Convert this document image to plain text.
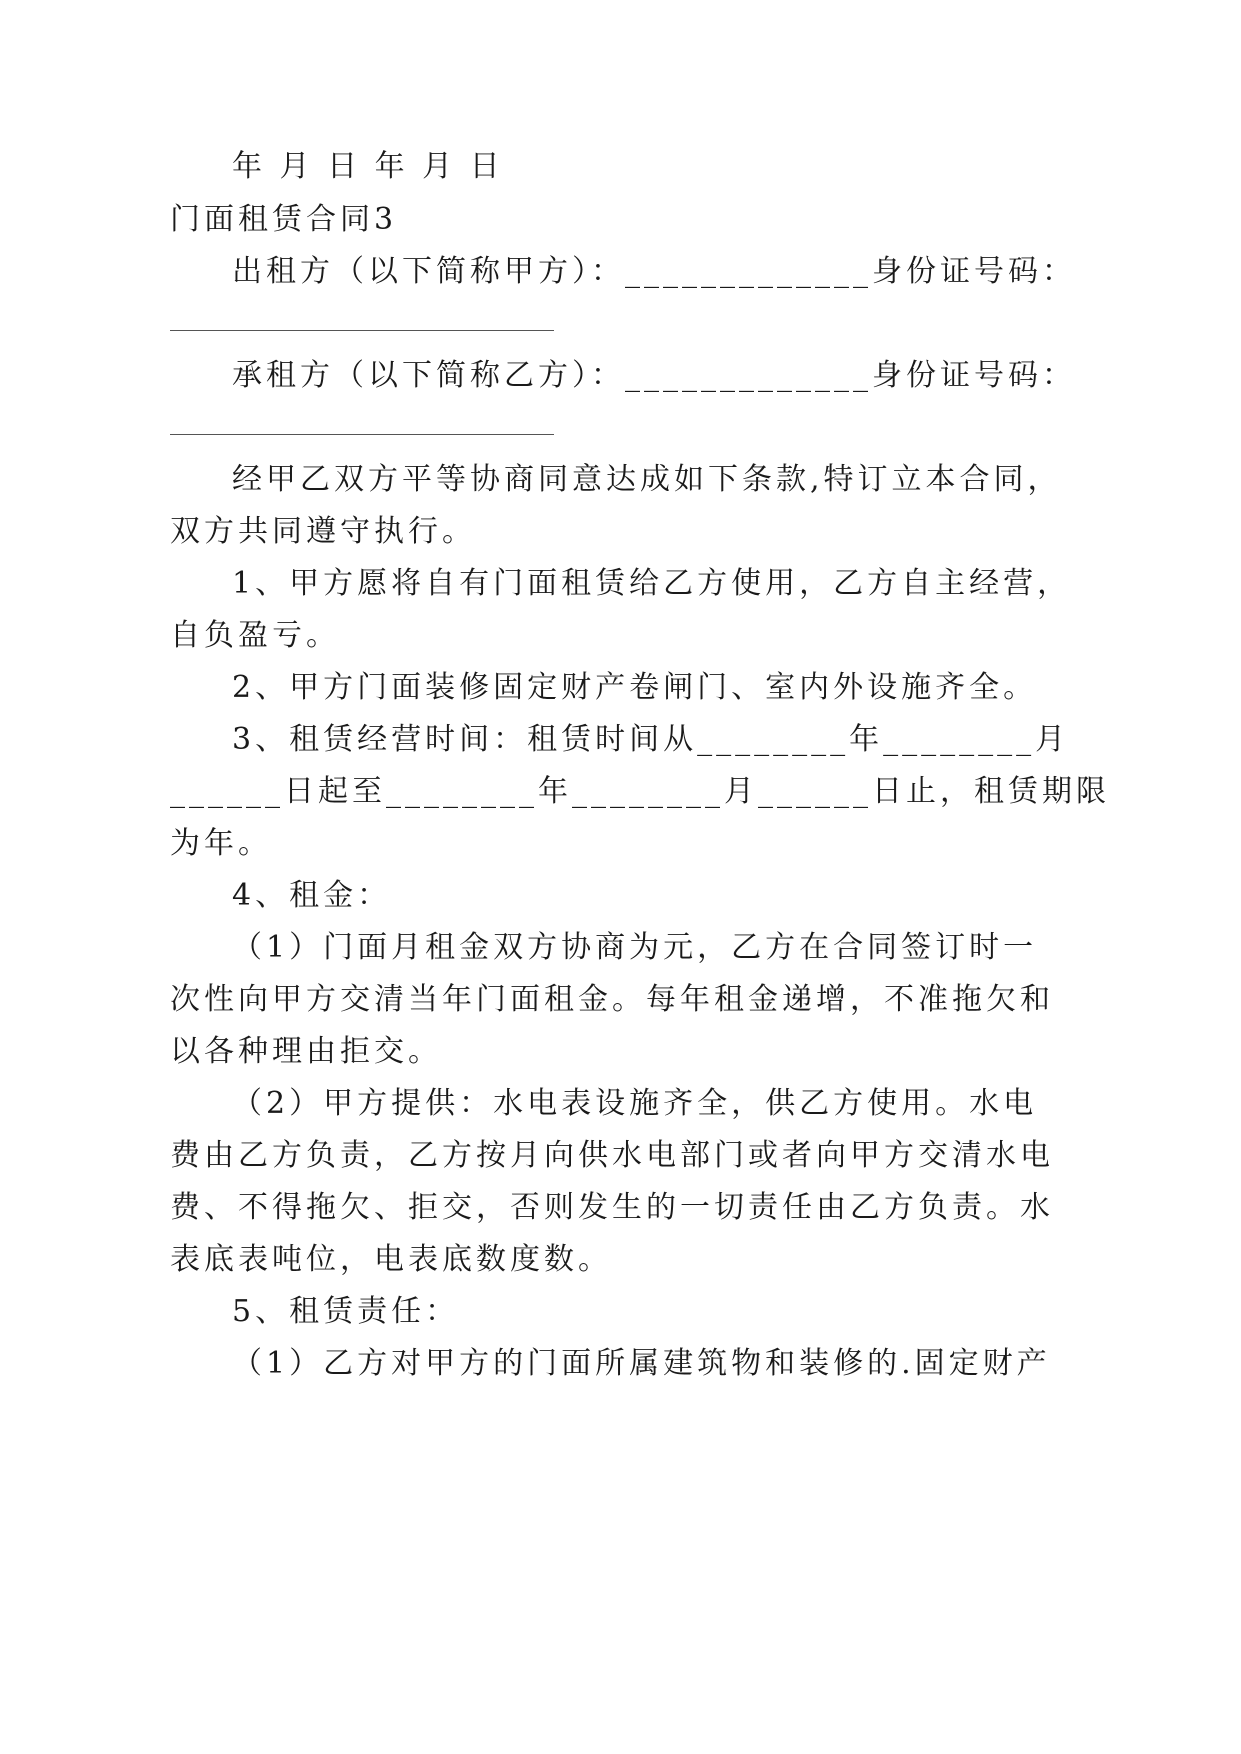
年 月 日 年 月 日
门面租赁合同3
出租方（以下简称甲方）：_____________身份证号码：
承租方（以下简称乙方）：_____________身份证号码：
经甲乙双方平等协商同意达成如下条款,特订立本合同，
双方共同遵守执行。
1、甲方愿将自有门面租赁给乙方使用，乙方自主经营，
自负盈亏。
2、甲方门面装修固定财产卷闸门、室内外设施齐全。
3、租赁经营时间：租赁时间从________年________月
______日起至________年________月______日止，租赁期限
为年。
4、租金：
（1）门面月租金双方协商为元，乙方在合同签订时一
次性向甲方交清当年门面租金。每年租金递增，不准拖欠和
以各种理由拒交。
（2）甲方提供：水电表设施齐全，供乙方使用。水电
费由乙方负责，乙方按月向供水电部门或者向甲方交清水电
费、不得拖欠、拒交，否则发生的一切责任由乙方负责。水
表底表吨位，电表底数度数。
5、租赁责任：
（1）乙方对甲方的门面所属建筑物和装修的.固定财产
